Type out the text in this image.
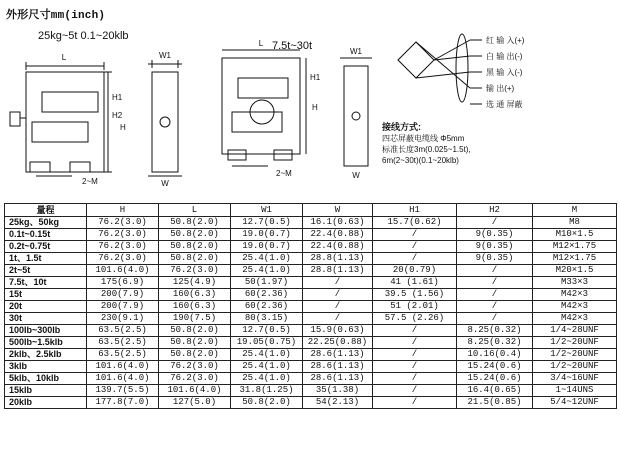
外形尺寸mm(inch)
25kg~5t 0.1~20klb
7.5t~30t
L
H1
H2
H
2~M
W1
W
L
H
H1
2~M
W1
W
红 输 入(+)
白 输 出(-)
黑 输 入(-)
输 出(+)
选 通 屏蔽
接线方式:
四芯屏蔽电缆线 Φ5mm
标准长度3m(0.025~1.5t),
6m(2~30t)(0.1~20klb)
量程	H	L	W1	W	H1	H2	M
25kg、50kg	76.2(3.0)	50.8(2.0)	12.7(0.5)	16.1(0.63)	15.7(0.62)	/	M8
0.1t~0.15t	76.2(3.0)	50.8(2.0)	19.0(0.7)	22.4(0.88)	/	9(0.35)	M10×1.5
0.2t~0.75t	76.2(3.0)	50.8(2.0)	19.0(0.7)	22.4(0.88)	/	9(0.35)	M12×1.75
1t、1.5t	76.2(3.0)	50.8(2.0)	25.4(1.0)	28.8(1.13)	/	9(0.35)	M12×1.75
2t~5t	101.6(4.0)	76.2(3.0)	25.4(1.0)	28.8(1.13)	20(0.79)	/	M20×1.5
7.5t、10t	175(6.9)	125(4.9)	50(1.97)	/	41 (1.61)	/	M33×3
15t	200(7.9)	160(6.3)	60(2.36)	/	39.5 (1.56)	/	M42×3
20t	200(7.9)	160(6.3)	60(2.36)	/	51 (2.01)	/	M42×3
30t	230(9.1)	190(7.5)	80(3.15)	/	57.5 (2.26)	/	M42×3
100lb~300lb	63.5(2.5)	50.8(2.0)	12.7(0.5)	15.9(0.63)	/	8.25(0.32)	1/4~28UNF
500lb~1.5klb	63.5(2.5)	50.8(2.0)	19.05(0.75)	22.25(0.88)	/	8.25(0.32)	1/2~20UNF
2klb、2.5klb	63.5(2.5)	50.8(2.0)	25.4(1.0)	28.6(1.13)	/	10.16(0.4)	1/2~20UNF
3klb	101.6(4.0)	76.2(3.0)	25.4(1.0)	28.6(1.13)	/	15.24(0.6)	1/2~20UNF
5klb、10klb	101.6(4.0)	76.2(3.0)	25.4(1.0)	28.6(1.13)	/	15.24(0.6)	3/4~16UNF
15klb	139.7(5.5)	101.6(4.0)	31.8(1.25)	35(1.38)	/	16.4(0.65)	1~14UNS
20klb	177.8(7.0)	127(5.0)	50.8(2.0)	54(2.13)	/	21.5(0.85)	5/4~12UNF
